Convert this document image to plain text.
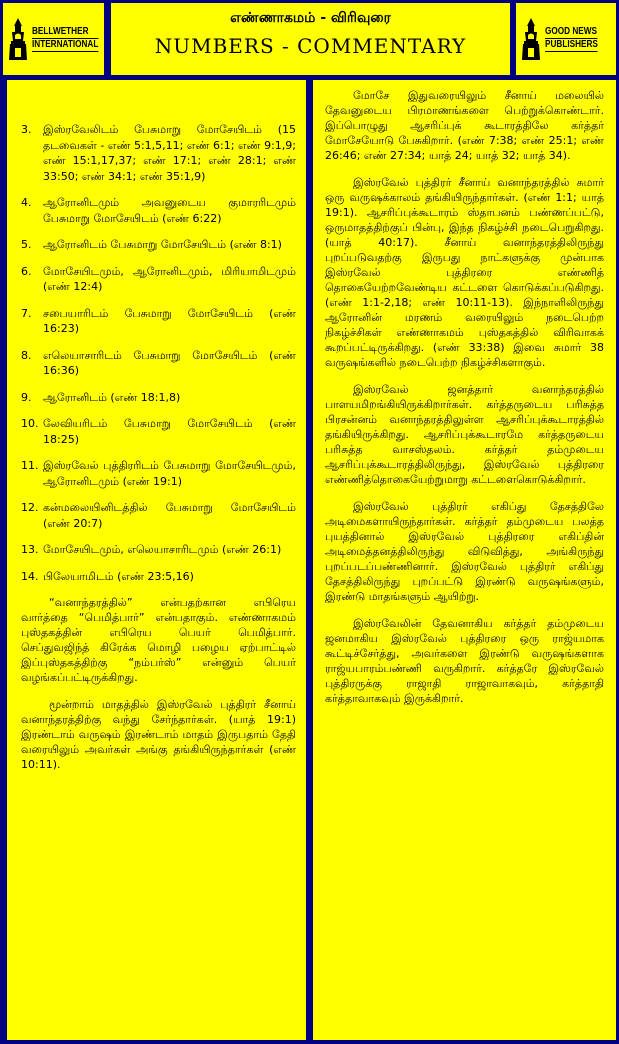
BELLWETHER
INTERNATIONAL
எண்ணாகமம் - விரிவுரை
NUMBERS - COMMENTARY
GOOD NEWS
PUBLISHERS
3.	இஸ்ரவேலிடம் பேசுமாறு மோசேயிடம் (15 தடவைகள் - எண் 5:1,5,11; எண் 6:1; எண் 9:1,9; எண் 15:1,17,37; எண் 17:1; எண் 28:1; எண் 33:50; எண் 34:1; எண் 35:1,9)
4.	ஆரோனிடமும் அவனுடைய குமாரரிடமும் பேசுமாறு மோசேயிடம் (எண் 6:22)
5.	ஆரோனிடம் பேசுமாறு மோசேயிடம் (எண் 8:1)
6.	மோசேயிடமும், ஆரோனிடமும், மிரியாமிடமும் (எண் 12:4)
7.	சபையாரிடம் பேசுமாறு மோசேயிடம் (எண் 16:23)
8.	எலெயாசாரிடம் பேசுமாறு மோசேயிடம் (எண் 16:36)
9.	ஆரோனிடம் (எண் 18:1,8)
10. லேவியரிடம் பேசுமாறு மோசேயிடம் (எண் 18:25)
11. இஸ்ரவேல் புத்திரரிடம் பேசுமாறு மோசேயிடமும், ஆரோனிடமும் (எண் 19:1)
12. கன்மலையினிடத்தில் பேசுமாறு மோசேயிடம் (எண் 20:7)
13. மோசேயிடமும், எலெயாசாரிடமும் (எண் 26:1)
14. பிலேயாமிடம் (எண் 23:5,16)

“வனாந்தரத்தில்” என்பதற்கான எபிரெய வார்த்தை “பெமித்பார்” என்பதாகும். எண்ணாகமம் புஸ்தகத்தின் எபிரெய பெயர் பெமித்பார். செப்துவஜிந்த் கிரேக்க மொழி பழைய ஏற்பாட்டில் இப்புஸ்தகத்திற்கு “நம்பர்ஸ்” என்னும் பெயர் வழங்கப்பட்டிருக்கிறது.

மூன்றாம் மாதத்தில் இஸ்ரவேல் புத்திரர் சீனாய் வனாந்தரத்திற்கு வந்து சேர்ந்தார்கள். (யாத் 19:1) இரண்டாம் வருஷம் இரண்டாம் மாதம் இருபதாம் தேதி வரையிலும் அவர்கள் அங்கு தங்கியிருந்தார்கள் (எண் 10:11).

மோசே இதுவரையிலும் சீனாய் மலையில் தேவனுடைய பிரமாணங்களை பெற்றுக்கொண்டார். இப்பொழுது ஆசரிப்புக் கூடாரத்திலே கர்த்தர் மோசேயோடு பேசுகிறார். (எண் 7:38; எண் 25:1; எண் 26:46; எண் 27:34; யாத் 24; யாத் 32; யாத் 34).

இஸ்ரவேல் புத்திரர் சீனாய் வனாந்தரத்தில் சுமார் ஒரு வருஷக்காலம் தங்கியிருந்தார்கள். (எண் 1:1; யாத் 19:1). ஆசரிப்புக்கூடாரம் ஸ்தாபனம் பண்ணப்பட்டு, ஒருமாதத்திற்குப் பின்பு, இந்த நிகழ்ச்சி நடைபெறுகிறது. (யாத் 40:17). சீனாய் வனாந்தரத்திலிருந்து புறப்படுவதற்கு இருபது நாட்களுக்கு முன்பாக இஸ்ரவேல் புத்திரரை எண்ணித் தொகையேற்றவேண்டிய கட்டளை கொடுக்கப்படுகிறது. (எண் 1:1-2,18; எண் 10:11-13). இந்நாளிலிருந்து ஆரோனின் மரணம் வரையிலும் நடைபெற்ற நிகழ்ச்சிகள் எண்ணாகமம் புஸ்தகத்தில் விரிவாகக் கூறப்பட்டிருக்கிறது. (எண் 33:38) இவை சுமார் 38 வருஷங்களில் நடைபெற்ற நிகழ்ச்சிகளாகும்.

இஸ்ரவேல் ஜனத்தார் வனாந்தரத்தில் பாளயமிறங்கியிருக்கிறார்கள். கர்த்தருடைய பரிசுத்த பிரசன்னம் வனாந்தரத்திலுள்ள ஆசரிப்புக்கூடாரத்தில் தங்கியிருக்கிறது. ஆசரிப்புக்கூடாரமே கர்த்தருடைய பரிசுத்த வாசஸ்தலம். கர்த்தர் தம்முடைய ஆசரிப்புக்கூடாரத்திலிருந்து, இஸ்ரவேல் புத்திரரை எண்ணித்தொகையேற்றுமாறு கட்டளைகொடுக்கிறார்.

இஸ்ரவேல் புத்திரர் எகிப்து தேசத்திலே அடிமைகளாயிருந்தார்கள். கர்த்தர் தம்முடைய பலத்த புயத்தினால் இஸ்ரவேல் புத்திரரை எகிப்தின் அடிமைத்தனத்திலிருந்து விடுவித்து, அங்கிருந்து புறப்படப்பண்ணினார். இஸ்ரவேல் புத்திரர் எகிப்து தேசத்திலிருந்து புறப்பட்டு இரண்டு வருஷங்களும், இரண்டு மாதங்களும் ஆயிற்று.

இஸ்ரவேலின் தேவனாகிய கர்த்தர் தம்முடைய ஜனமாகிய இஸ்ரவேல் புத்திரரை ஒரு ராஜ்யமாக கூட்டிச்சேர்த்து, அவர்களை இரண்டு வருஷங்களாக ராஜ்யபாரம்பண்ணி வருகிறார். கர்த்தரே இஸ்ரவேல் புத்திரருக்கு ராஜாதி ராஜாவாகவும், கர்த்தாதி கர்த்தாவாகவும் இருக்கிறார்.
